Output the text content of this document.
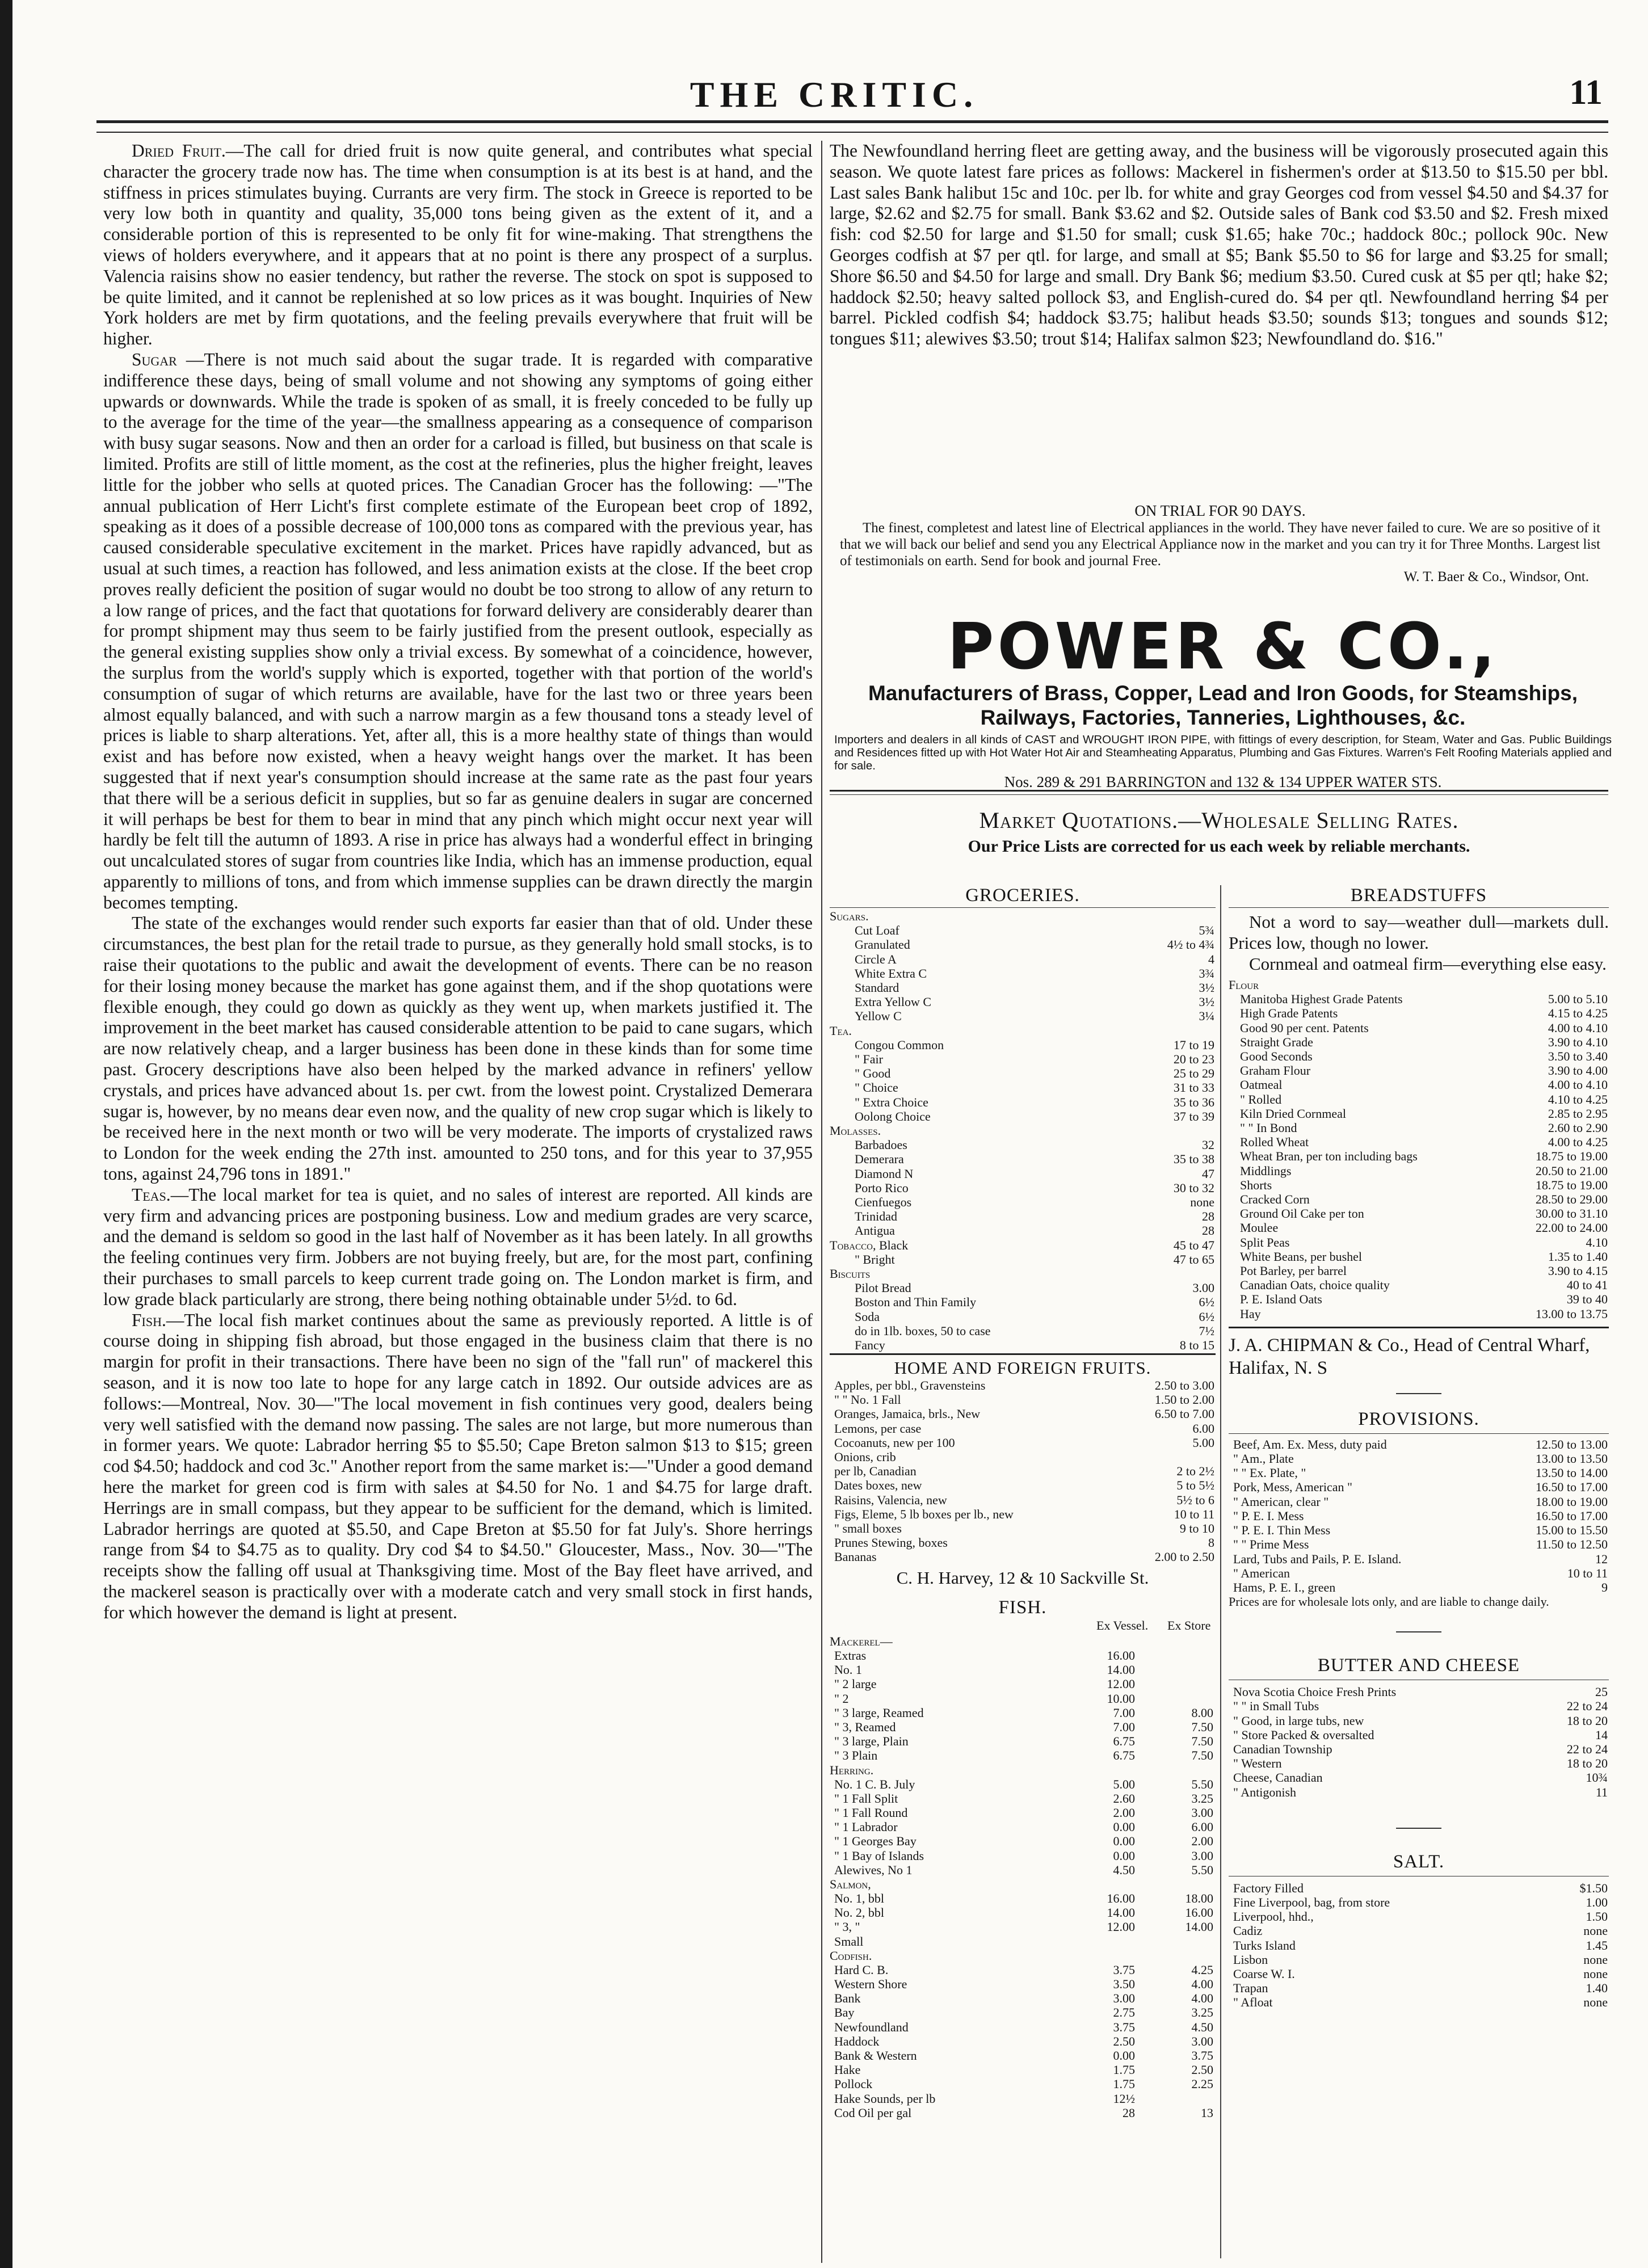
THE CRITIC.	11

Dried Fruit.—The call for dried fruit is now quite general, and contributes what special character the grocery trade now has. The time when consumption is at its best is at hand, and the stiffness in prices stimulates buying. Currants are very firm. The stock in Greece is reported to be very low both in quantity and quality, 35,000 tons being given as the extent of it, and a considerable portion of this is represented to be only fit for wine-making. That strengthens the views of holders everywhere, and it appears that at no point is there any prospect of a surplus. Valencia raisins show no easier tendency, but rather the reverse. The stock on spot is supposed to be quite limited, and it cannot be replenished at so low prices as it was bought. Inquiries of New York holders are met by firm quotations, and the feeling prevails everywhere that fruit will be higher.

Sugar —There is not much said about the sugar trade. It is regarded with comparative indifference these days, being of small volume and not showing any symptoms of going either upwards or downwards. While the trade is spoken of as small, it is freely conceded to be fully up to the average for the time of the year—the smallness appearing as a consequence of comparison with busy sugar seasons. Now and then an order for a carload is filled, but business on that scale is limited. Profits are still of little moment, as the cost at the refineries, plus the higher freight, leaves little for the jobber who sells at quoted prices. The Canadian Grocer has the following: —"The annual publication of Herr Licht's first complete estimate of the European beet crop of 1892, speaking as it does of a possible decrease of 100,000 tons as compared with the previous year, has caused considerable speculative excitement in the market. Prices have rapidly advanced, but as usual at such times, a reaction has followed, and less animation exists at the close. If the beet crop proves really deficient the position of sugar would no doubt be too strong to allow of any return to a low range of prices, and the fact that quotations for forward delivery are considerably dearer than for prompt shipment may thus seem to be fairly justified from the present outlook, especially as the general existing supplies show only a trivial excess. By somewhat of a coincidence, however, the surplus from the world's supply which is exported, together with that portion of the world's consumption of sugar of which returns are available, have for the last two or three years been almost equally balanced, and with such a narrow margin as a few thousand tons a steady level of prices is liable to sharp alterations. Yet, after all, this is a more healthy state of things than would exist and has before now existed, when a heavy weight hangs over the market. It has been suggested that if next year's consumption should increase at the same rate as the past four years that there will be a serious deficit in supplies, but so far as genuine dealers in sugar are concerned it will perhaps be best for them to bear in mind that any pinch which might occur next year will hardly be felt till the autumn of 1893. A rise in price has always had a wonderful effect in bringing out uncalculated stores of sugar from countries like India, which has an immense production, equal apparently to millions of tons, and from which immense supplies can be drawn directly the margin becomes tempting.

The state of the exchanges would render such exports far easier than that of old. Under these circumstances, the best plan for the retail trade to pursue, as they generally hold small stocks, is to raise their quotations to the public and await the development of events. There can be no reason for their losing money because the market has gone against them, and if the shop quotations were flexible enough, they could go down as quickly as they went up, when markets justified it. The improvement in the beet market has caused considerable attention to be paid to cane sugars, which are now relatively cheap, and a larger business has been done in these kinds than for some time past. Grocery descriptions have also been helped by the marked advance in refiners' yellow crystals, and prices have advanced about 1s. per cwt. from the lowest point. Crystalized Demerara sugar is, however, by no means dear even now, and the quality of new crop sugar which is likely to be received here in the next month or two will be very moderate. The imports of crystalized raws to London for the week ending the 27th inst. amounted to 250 tons, and for this year to 37,955 tons, against 24,796 tons in 1891."

Teas.—The local market for tea is quiet, and no sales of interest are reported. All kinds are very firm and advancing prices are postponing business. Low and medium grades are very scarce, and the demand is seldom so good in the last half of November as it has been lately. In all growths the feeling continues very firm. Jobbers are not buying freely, but are, for the most part, confining their purchases to small parcels to keep current trade going on. The London market is firm, and low grade black particularly are strong, there being nothing obtainable under 5½d. to 6d.

Fish.—The local fish market continues about the same as previously reported. A little is of course doing in shipping fish abroad, but those engaged in the business claim that there is no margin for profit in their transactions. There have been no sign of the "fall run" of mackerel this season, and it is now too late to hope for any large catch in 1892. Our outside advices are as follows:—Montreal, Nov. 30—"The local movement in fish continues very good, dealers being very well satisfied with the demand now passing. The sales are not large, but more numerous than in former years. We quote: Labrador herring $5 to $5.50; Cape Breton salmon $13 to $15; green cod $4.50; haddock and cod 3c." Another report from the same market is:—"Under a good demand here the market for green cod is firm with sales at $4.50 for No. 1 and $4.75 for large draft. Herrings are in small compass, but they appear to be sufficient for the demand, which is limited. Labrador herrings are quoted at $5.50, and Cape Breton at $5.50 for fat July's. Shore herrings range from $4 to $4.75 as to quality. Dry cod $4 to $4.50." Gloucester, Mass., Nov. 30—"The receipts show the falling off usual at Thanksgiving time. Most of the Bay fleet have arrived, and the mackerel season is practically over with a moderate catch and very small stock in first hands, for which however the demand is light at present.

The Newfoundland herring fleet are getting away, and the business will be vigorously prosecuted again this season. We quote latest fare prices as follows: Mackerel in fishermen's order at $13.50 to $15.50 per bbl. Last sales Bank halibut 15c and 10c. per lb. for white and gray Georges cod from vessel $4.50 and $4.37 for large, $2.62 and $2.75 for small. Bank $3.62 and $2. Outside sales of Bank cod $3.50 and $2. Fresh mixed fish: cod $2.50 for large and $1.50 for small; cusk $1.65; hake 70c.; haddock 80c.; pollock 90c. New Georges codfish at $7 per qtl. for large, and small at $5; Bank $5.50 to $6 for large and $3.25 for small; Shore $6.50 and $4.50 for large and small. Dry Bank $6; medium $3.50. Cured cusk at $5 per qtl; hake $2; haddock $2.50; heavy salted pollock $3, and English-cured do. $4 per qtl. Newfoundland herring $4 per barrel. Pickled codfish $4; haddock $3.75; halibut heads $3.50; sounds $13; tongues and sounds $12; tongues $11; alewives $3.50; trout $14; Halifax salmon $23; Newfoundland do. $16."

ON TRIAL FOR 90 DAYS.
The finest, completest and latest line of Electrical appliances in the world. They have never failed to cure. We are so positive of it that we will back our belief and send you any Electrical Appliance now in the market and you can try it for Three Months. Largest list of testimonials on earth. Send for book and journal Free.
W. T. Baer & Co., Windsor, Ont.
POWER & CO.,
Manufacturers of Brass, Copper, Lead and Iron Goods, for Steamships, Railways, Factories, Tanneries, Lighthouses, &c.
Importers and dealers in all kinds of CAST and WROUGHT IRON PIPE, with fittings of every description, for Steam, Water and Gas. Public Buildings and Residences fitted up with Hot Water Hot Air and Steamheating Apparatus, Plumbing and Gas Fixtures. Warren's Felt Roofing Materials applied and for sale.
Nos. 289 & 291 BARRINGTON and 132 & 134 UPPER WATER STS.
Market Quotations.—Wholesale Selling Rates.
Our Price Lists are corrected for us each week by reliable merchants.
GROCERIES.
Sugars.	
Cut Loaf	5¾
Granulated	4½ to 4¾
Circle A	4
White Extra C	3¾
Standard	3½
Extra Yellow C	3½
Yellow C	3¼
Tea.	
Congou Common	17 to 19
" Fair	20 to 23
" Good	25 to 29
" Choice	31 to 33
" Extra Choice	35 to 36
Oolong Choice	37 to 39
Molasses.	
Barbadoes	32
Demerara	35 to 38
Diamond N	47
Porto Rico	30 to 32
Cienfuegos	none
Trinidad	28
Antigua	28
Tobacco, Black	45 to 47
" Bright	47 to 65
Biscuits	
Pilot Bread	3.00
Boston and Thin Family	6½
Soda	6½
do in 1lb. boxes, 50 to case	7½
Fancy	8 to 15
HOME AND FOREIGN FRUITS.
Apples, per bbl., Gravensteins	2.50 to 3.00
" " No. 1 Fall	1.50 to 2.00
Oranges, Jamaica, brls., New	6.50 to 7.00
Lemons, per case	6.00
Cocoanuts, new per 100	5.00
Onions, crib	
per lb, Canadian	2 to 2½
Dates boxes, new	5 to 5½
Raisins, Valencia, new	5½ to 6
Figs, Eleme, 5 lb boxes per lb., new	10 to 11
" small boxes	9 to 10
Prunes Stewing, boxes	8
Bananas	2.00 to 2.50
C. H. Harvey, 12 & 10 Sackville St.
FISH.
Ex Vessel. Ex Store
Mackerel—		
Extras	16.00	
No. 1	14.00	
" 2 large	12.00	
" 2	10.00	
" 3 large, Reamed	7.00	8.00
" 3, Reamed	7.00	7.50
" 3 large, Plain	6.75	7.50
" 3 Plain	6.75	7.50
Herring.		
No. 1 C. B. July	5.00	5.50
" 1 Fall Split	2.60	3.25
" 1 Fall Round	2.00	3.00
" 1 Labrador	0.00	6.00
" 1 Georges Bay	0.00	2.00
" 1 Bay of Islands	0.00	3.00
Alewives, No 1	4.50	5.50
Salmon,		
No. 1, bbl	16.00	18.00
No. 2, bbl	14.00	16.00
" 3, "	12.00	14.00
Small		
Codfish.		
Hard C. B.	3.75	4.25
Western Shore	3.50	4.00
Bank	3.00	4.00
Bay	2.75	3.25
Newfoundland	3.75	4.50
Haddock	2.50	3.00
Bank & Western	0.00	3.75
Hake	1.75	2.50
Pollock	1.75	2.25
Hake Sounds, per lb	12½	
Cod Oil per gal	28	13
BREADSTUFFS
Not a word to say—weather dull—markets dull. Prices low, though no lower.
Cornmeal and oatmeal firm—everything else easy.
Flour	
Manitoba Highest Grade Patents	5.00 to 5.10
High Grade Patents	4.15 to 4.25
Good 90 per cent. Patents	4.00 to 4.10
Straight Grade	3.90 to 4.10
Good Seconds	3.50 to 3.40
Graham Flour	3.90 to 4.00
Oatmeal	4.00 to 4.10
" Rolled	4.10 to 4.25
Kiln Dried Cornmeal	2.85 to 2.95
" " In Bond	2.60 to 2.90
Rolled Wheat	4.00 to 4.25
Wheat Bran, per ton including bags	18.75 to 19.00
Middlings	20.50 to 21.00
Shorts	18.75 to 19.00
Cracked Corn	28.50 to 29.00
Ground Oil Cake per ton	30.00 to 31.10
Moulee	22.00 to 24.00
Split Peas	4.10
White Beans, per bushel	1.35 to 1.40
Pot Barley, per barrel	3.90 to 4.15
Canadian Oats, choice quality	40 to 41
P. E. Island Oats	39 to 40
Hay	13.00 to 13.75
J. A. CHIPMAN & Co., Head of Central Wharf, Halifax, N. S
PROVISIONS.
Beef, Am. Ex. Mess, duty paid	12.50 to 13.00
" Am., Plate	13.00 to 13.50
" " Ex. Plate, "	13.50 to 14.00
Pork, Mess, American "	16.50 to 17.00
" American, clear "	18.00 to 19.00
" P. E. I. Mess	16.50 to 17.00
" P. E. I. Thin Mess	15.00 to 15.50
" " Prime Mess	11.50 to 12.50
Lard, Tubs and Pails, P. E. Island.	12
" American	10 to 11
Hams, P. E. I., green	9
Prices are for wholesale lots only, and are liable to change daily.
BUTTER AND CHEESE
Nova Scotia Choice Fresh Prints	25
" " in Small Tubs	22 to 24
" Good, in large tubs, new	18 to 20
" Store Packed & oversalted	14
Canadian Township	22 to 24
" Western	18 to 20
Cheese, Canadian	10¾
" Antigonish	11
SALT.
Factory Filled	$1.50
Fine Liverpool, bag, from store	1.00
Liverpool, hhd.,	1.50
Cadiz	none
Turks Island	1.45
Lisbon	none
Coarse W. I.	none
Trapan	1.40
" Afloat	none
